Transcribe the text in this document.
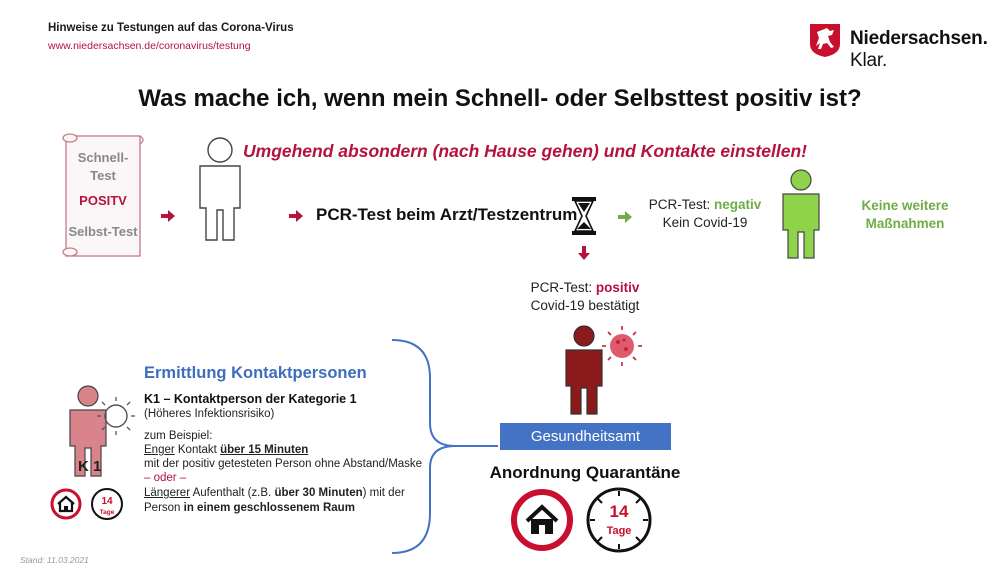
Hinweise zu Testungen auf das Corona-Virus
www.niedersachsen.de/coronavirus/testung	Niedersachsen. Klar.
Was mache ich, wenn mein Schnell- oder Selbsttest positiv ist?
Schnell-
Test
POSITV
Selbst-Test
Umgehend absondern (nach Hause gehen) und Kontakte einstellen!
PCR-Test beim Arzt/Testzentrum
PCR-Test: negativ
Kein Covid-19
Keine weitere
Maßnahmen
PCR-Test: positiv
Covid-19 bestätigt
Ermittlung Kontaktpersonen
K1 – Kontaktperson der Kategorie 1
(Höheres Infektionsrisiko)
zum Beispiel:
Enger Kontakt über 15 Minuten
mit der positiv getesteten Person ohne Abstand/Maske
– oder –
Längerer Aufenthalt (z.B. über 30 Minuten) mit der
Person in einem geschlossenem Raum
K 1
14
Tage
Gesundheitsamt
Anordnung Quarantäne
14
Tage
Stand: 11.03.2021
